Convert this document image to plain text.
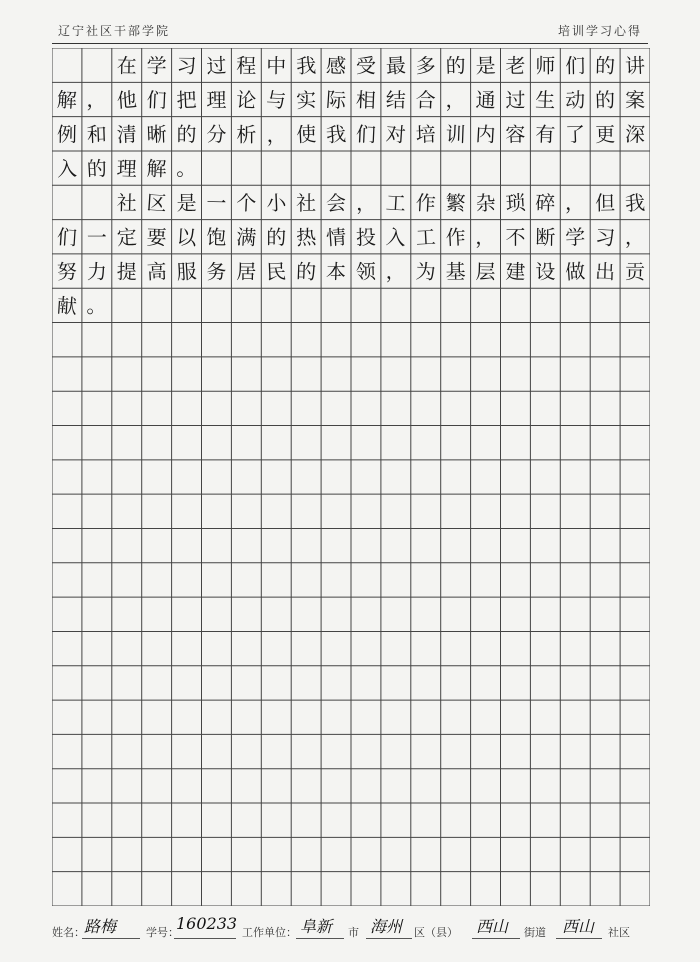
辽宁社区干部学院	培训学习心得
在 学 习 过 程 中 我 感 受 最 多 的 是 老 师 们 的 讲
解 ， 他 们 把 理 论 与 实 际 相 结 合 ， 通 过 生 动 的 案
例 和 清 晰 的 分 析 ， 使 我 们 对 培 训 内 容 有 了 更 深
入 的 理 解 。
社 区 是 一 个 小 社 会 ， 工 作 繁 杂 琐 碎 ， 但 我
们 一 定 要 以 饱 满 的 热 情 投 入 工 作 ， 不 断 学 习 ，
努 力 提 高 服 务 居 民 的 本 领 ， 为 基 层 建 设 做 出 贡
献 。
姓名： 路梅	学号：
160233 工作单位： 阜新 市 海州 区（县） 西山 街道 西山 社区
